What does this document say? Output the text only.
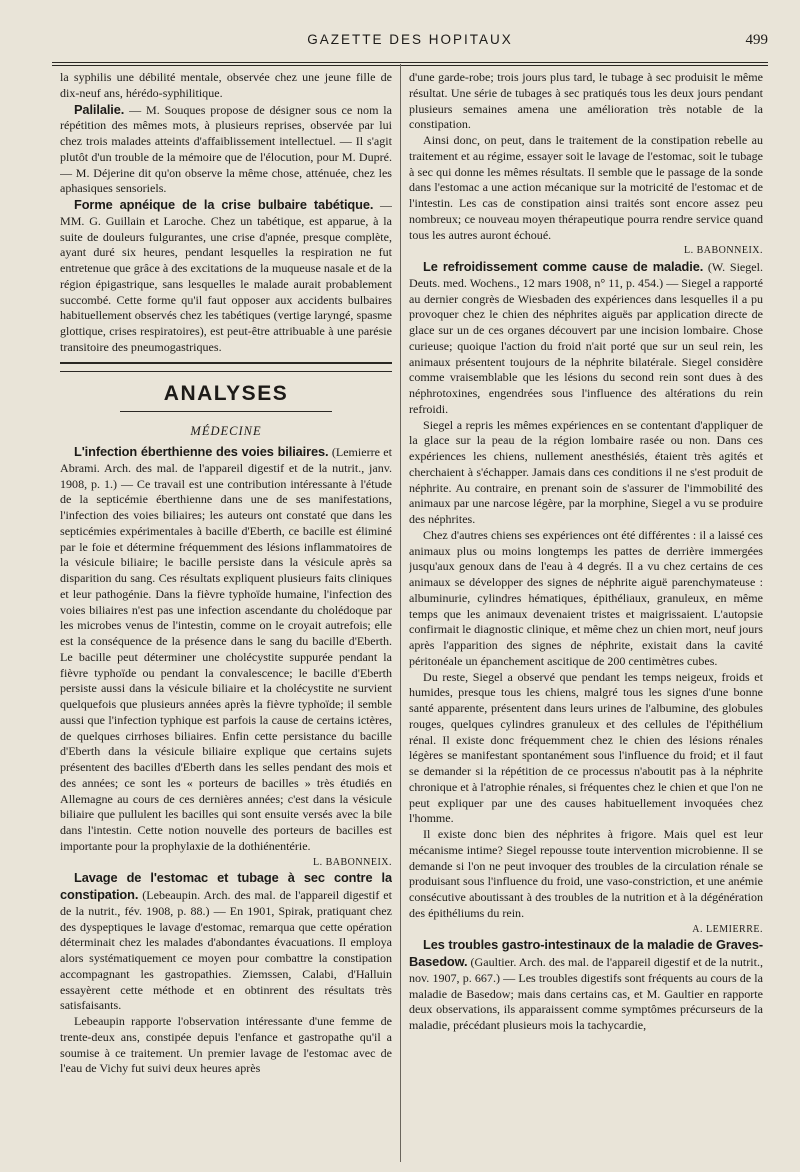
GAZETTE DES HOPITAUX	499

la syphilis une débilité mentale, observée chez une jeune fille de dix-neuf ans, hérédo-syphilitique.

Palilalie. — M. Souques propose de désigner sous ce nom la répétition des mêmes mots, à plusieurs reprises, observée par lui chez trois malades atteints d'affaiblissement intellectuel. — Il s'agit plutôt d'un trouble de la mémoire que de l'élocution, pour M. Dupré. — M. Déjerine dit qu'on observe la même chose, atténuée, chez les aphasiques sensoriels.

Forme apnéique de la crise bulbaire tabétique. — MM. G. Guillain et Laroche. Chez un tabétique, est apparue, à la suite de douleurs fulgurantes, une crise d'apnée, presque complète, ayant duré six heures, pendant lesquelles la respiration ne fut entretenue que grâce à des excitations de la muqueuse nasale et de la région épigastrique, sans lesquelles le malade aurait probablement succombé. Cette forme qu'il faut opposer aux accidents bulbaires habituellement observés chez les tabétiques (vertige laryngé, spasme glottique, crises respiratoires), est peut-être attribuable à une parésie transitoire des pneumogastriques.

ANALYSES
MÉDECINE

L'infection éberthienne des voies biliaires. (Lemierre et Abrami. Arch. des mal. de l'appareil digestif et de la nutrit., janv. 1908, p. 1.) — Ce travail est une contribution intéressante à l'étude de la septicémie éberthienne dans une de ses manifestations, l'infection des voies biliaires; les auteurs ont constaté que dans les septicémies expérimentales à bacille d'Eberth, ce bacille est éliminé par le foie et détermine fréquemment des lésions inflammatoires de la vésicule biliaire; le bacille persiste dans la vésicule après sa disparition du sang. Ces résultats expliquent plusieurs faits cliniques et leur pathogénie. Dans la fièvre typhoïde humaine, l'infection des voies biliaires n'est pas une infection ascendante du cholédoque par les microbes venus de l'intestin, comme on le croyait autrefois; elle est la conséquence de la présence dans le sang du bacille d'Eberth. Le bacille peut déterminer une cholécystite suppurée pendant la fièvre typhoïde ou pendant la convalescence; le bacille d'Eberth persiste aussi dans la vésicule biliaire et la cholécystite ne survient quelquefois que plusieurs années après la fièvre typhoïde; il semble aussi que l'infection typhique est parfois la cause de certains ictères, de quelques cirrhoses biliaires. Enfin cette persistance du bacille d'Eberth dans la vésicule biliaire explique que certains sujets présentent des bacilles d'Eberth dans les selles pendant des mois et des années; ce sont les « porteurs de bacilles » très étudiés en Allemagne au cours de ces dernières années; c'est dans la vésicule biliaire que pullulent les bacilles qui sont ensuite versés avec la bile dans l'intestin. Cette notion nouvelle des porteurs de bacilles est importante pour la prophylaxie de la dothiénentérie.

L. BABONNEIX.

Lavage de l'estomac et tubage à sec contre la constipation. (Lebeaupin. Arch. des mal. de l'appareil digestif et de la nutrit., fév. 1908, p. 88.) — En 1901, Spirak, pratiquant chez des dyspeptiques le lavage d'estomac, remarqua que cette opération déterminait chez les malades d'abondantes évacuations. Il employa alors systématiquement ce moyen pour combattre la constipation accompagnant les gastropathies. Ziemssen, Calabi, d'Halluin essayèrent cette méthode et en obtinrent des résultats très satisfaisants.

Lebeaupin rapporte l'observation intéressante d'une femme de trente-deux ans, constipée depuis l'enfance et gastropathe qu'il a soumise à ce traitement. Un premier lavage de l'estomac avec de l'eau de Vichy fut suivi deux heures après

d'une garde-robe; trois jours plus tard, le tubage à sec produisit le même résultat. Une série de tubages à sec pratiqués tous les deux jours pendant plusieurs semaines amena une amélioration très notable de la constipation.

Ainsi donc, on peut, dans le traitement de la constipation rebelle au traitement et au régime, essayer soit le lavage de l'estomac, soit le tubage à sec qui donne les mêmes résultats. Il semble que le passage de la sonde dans l'estomac a une action mécanique sur la motricité de l'estomac et de l'intestin. Les cas de constipation ainsi traités sont encore assez peu nombreux; ce nouveau moyen thérapeutique pourra rendre service quand tous les autres auront échoué.

L. BABONNEIX.

Le refroidissement comme cause de maladie. (W. Siegel. Deuts. med. Wochens., 12 mars 1908, n° 11, p. 454.) — Siegel a rapporté au dernier congrès de Wiesbaden des expériences dans lesquelles il a pu provoquer chez le chien des néphrites aiguës par application directe de glace sur un de ces organes découvert par une incision lombaire. Chose curieuse; quoique l'action du froid n'ait porté que sur un seul rein, les animaux présentent toujours de la néphrite bilatérale. Siegel considère comme vraisemblable que les lésions du second rein sont dues à des néphrotoxines, engendrées sous l'influence des altérations du rein refroidi.

Siegel a repris les mêmes expériences en se contentant d'appliquer de la glace sur la peau de la région lombaire rasée ou non. Dans ces expériences les chiens, nullement anesthésiés, étaient très agités et cherchaient à s'échapper. Jamais dans ces conditions il ne s'est produit de néphrite. Au contraire, en prenant soin de s'assurer de l'immobilité des animaux par une narcose légère, par la morphine, Siegel a vu se produire des néphrites.

Chez d'autres chiens ses expériences ont été différentes : il a laissé ces animaux plus ou moins longtemps les pattes de derrière immergées jusqu'aux genoux dans de l'eau à 4 degrés. Il a vu chez certains de ces animaux se développer des signes de néphrite aiguë parenchymateuse : albuminurie, cylindres hématiques, épithéliaux, granuleux, en même temps que les animaux devenaient tristes et maigrissaient. L'autopsie confirmait le diagnostic clinique, et même chez un chien mort, neuf jours après l'apparition des signes de néphrite, existait dans la cavité péritonéale un épanchement ascitique de 200 centimètres cubes.

Du reste, Siegel a observé que pendant les temps neigeux, froids et humides, presque tous les chiens, malgré tous les signes d'une bonne santé apparente, présentent dans leurs urines de l'albumine, des globules rouges, quelques cylindres granuleux et des cellules de l'épithélium rénal. Il existe donc fréquemment chez le chien des lésions rénales légères se manifestant spontanément sous l'influence du froid; et il faut se demander si la répétition de ce processus n'aboutit pas à la néphrite chronique et à l'atrophie rénales, si fréquentes chez le chien et que l'on ne peut expliquer par une des causes habituellement invoquées chez l'homme.

Il existe donc bien des néphrites à frigore. Mais quel est leur mécanisme intime? Siegel repousse toute intervention microbienne. Il se demande si l'on ne peut invoquer des troubles de la circulation rénale se produisant sous l'influence du froid, une vaso-constriction, et une anémie consécutive aboutissant à des troubles de la nutrition et à la dégénération des épithéliums du rein.

A. LEMIERRE.

Les troubles gastro-intestinaux de la maladie de Graves-Basedow. (Gaultier. Arch. des mal. de l'appareil digestif et de la nutrit., nov. 1907, p. 667.) — Les troubles digestifs sont fréquents au cours de la maladie de Basedow; mais dans certains cas, et M. Gaultier en rapporte deux observations, ils apparaissent comme symptômes précurseurs de la maladie, précédant plusieurs mois la tachycardie,
